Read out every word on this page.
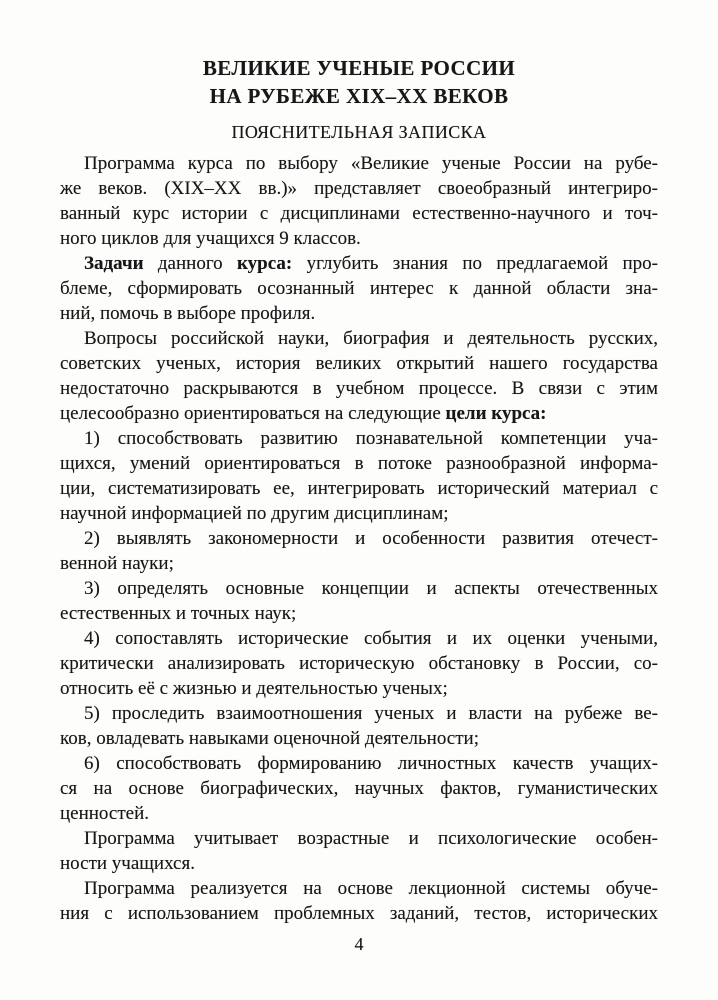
ВЕЛИКИЕ УЧЕНЫЕ РОССИИ
НА РУБЕЖЕ XIX–XX ВЕКОВ
ПОЯСНИТЕЛЬНАЯ ЗАПИСКА
Программа курса по выбору «Великие ученые России на рубе-
же веков. (XIX–XX вв.)» представляет своеобразный интегриро-
ванный курс истории с дисциплинами естественно-научного и точ-
ного циклов для учащихся 9 классов.
Задачи данного курса: углубить знания по предлагаемой про-
блеме, сформировать осознанный интерес к данной области зна-
ний, помочь в выборе профиля.
Вопросы российской науки, биография и деятельность русских,
советских ученых, история великих открытий нашего государства
недостаточно раскрываются в учебном процессе. В связи с этим
целесообразно ориентироваться на следующие цели курса:
1) способствовать развитию познавательной компетенции уча-
щихся, умений ориентироваться в потоке разнообразной информа-
ции, систематизировать ее, интегрировать исторический материал с
научной информацией по другим дисциплинам;
2) выявлять закономерности и особенности развития отечест-
венной науки;
3) определять основные концепции и аспекты отечественных
естественных и точных наук;
4) сопоставлять исторические события и их оценки учеными,
критически анализировать историческую обстановку в России, со-
относить её с жизнью и деятельностью ученых;
5) проследить взаимоотношения ученых и власти на рубеже ве-
ков, овладевать навыками оценочной деятельности;
6) способствовать формированию личностных качеств учащих-
ся на основе биографических, научных фактов, гуманистических
ценностей.
Программа учитывает возрастные и психологические особен-
ности учащихся.
Программа реализуется на основе лекционной системы обуче-
ния с использованием проблемных заданий, тестов, исторических
4
